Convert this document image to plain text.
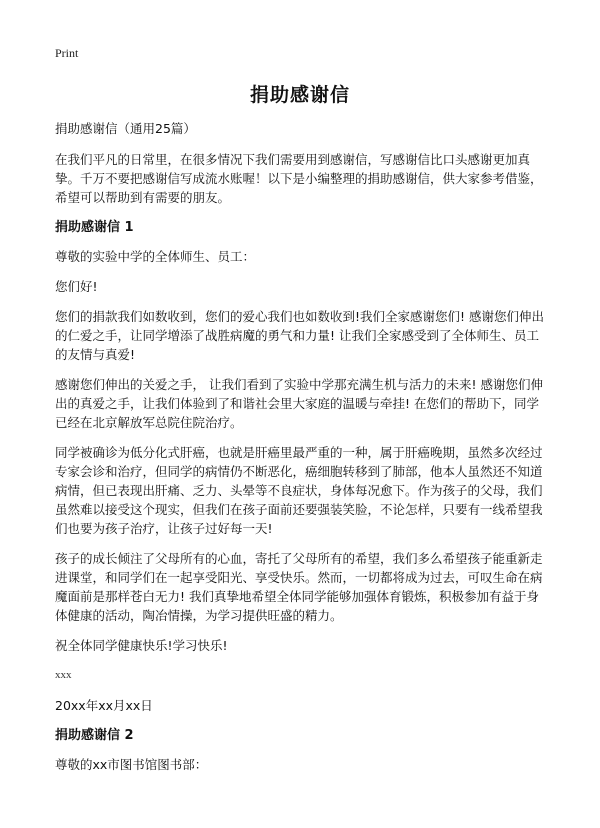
Print
捐助感谢信

捐助感谢信（通用25篇）

在我们平凡的日常里，在很多情况下我们需要用到感谢信，写感谢信比口头感谢更加真挚。千万不要把感谢信写成流水账喔！以下是小编整理的捐助感谢信，供大家参考借鉴，希望可以帮助到有需要的朋友。

捐助感谢信 1

尊敬的实验中学的全体师生、员工：

您们好!

您们的捐款我们如数收到，您们的爱心我们也如数收到!我们全家感谢您们! 感谢您们伸出的仁爱之手，让同学增添了战胜病魔的勇气和力量! 让我们全家感受到了全体师生、员工的友情与真爱!

感谢您们伸出的关爱之手， 让我们看到了实验中学那充满生机与活力的未来! 感谢您们伸出的真爱之手，让我们体验到了和谐社会里大家庭的温暖与牵挂! 在您们的帮助下，同学已经在北京解放军总院住院治疗。

同学被确诊为低分化式肝癌，也就是肝癌里最严重的一种，属于肝癌晚期，虽然多次经过专家会诊和治疗，但同学的病情仍不断恶化，癌细胞转移到了肺部，他本人虽然还不知道病情，但已表现出肝痛、乏力、头晕等不良症状，身体每况愈下。作为孩子的父母，我们虽然难以接受这个现实，但我们在孩子面前还要强装笑脸，不论怎样，只要有一线希望我们也要为孩子治疗，让孩子过好每一天!

孩子的成长倾注了父母所有的心血，寄托了父母所有的希望，我们多么希望孩子能重新走进课堂，和同学们在一起享受阳光、享受快乐。然而，一切都将成为过去，可叹生命在病魔面前是那样苍白无力! 我们真挚地希望全体同学能够加强体育锻炼，积极参加有益于身体健康的活动，陶冶情操，为学习提供旺盛的精力。

祝全体同学健康快乐!学习快乐!

xxx

20xx年xx月xx日

捐助感谢信 2

尊敬的xx市图书馆图书部：
